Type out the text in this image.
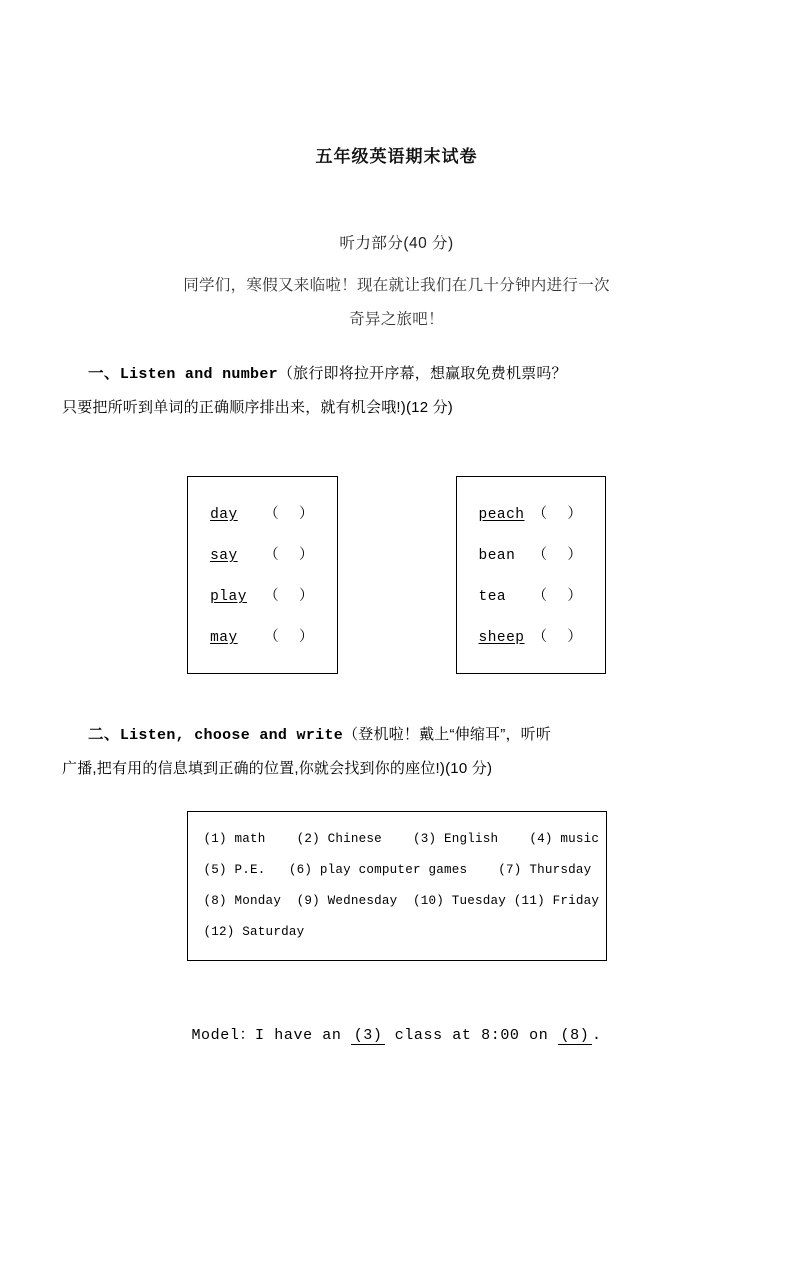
五年级英语期末试卷
听力部分(40 分)
同学们，寒假又来临啦！现在就让我们在几十分钟内进行一次
奇异之旅吧！
一、Listen and number（旅行即将拉开序幕，想赢取免费机票吗？
只要把所听到单词的正确顺序排出来，就有机会哦!)(12 分)
day （  ）
say （  ）
play （  ）
may （  ）
peach （  ）
bean （  ）
tea （  ）
sheep （  ）
二、Listen, choose and write（登机啦！戴上“伸缩耳”，听听
广播,把有用的信息填到正确的位置,你就会找到你的座位!)(10 分)
(1) math    (2) Chinese    (3) English    (4) music
(5) P.E.   (6) play computer games    (7) Thursday
(8) Monday  (9) Wednesday  (10) Tuesday (11) Friday
(12) Saturday
Model：I have an (3) class at 8:00 on (8) .
